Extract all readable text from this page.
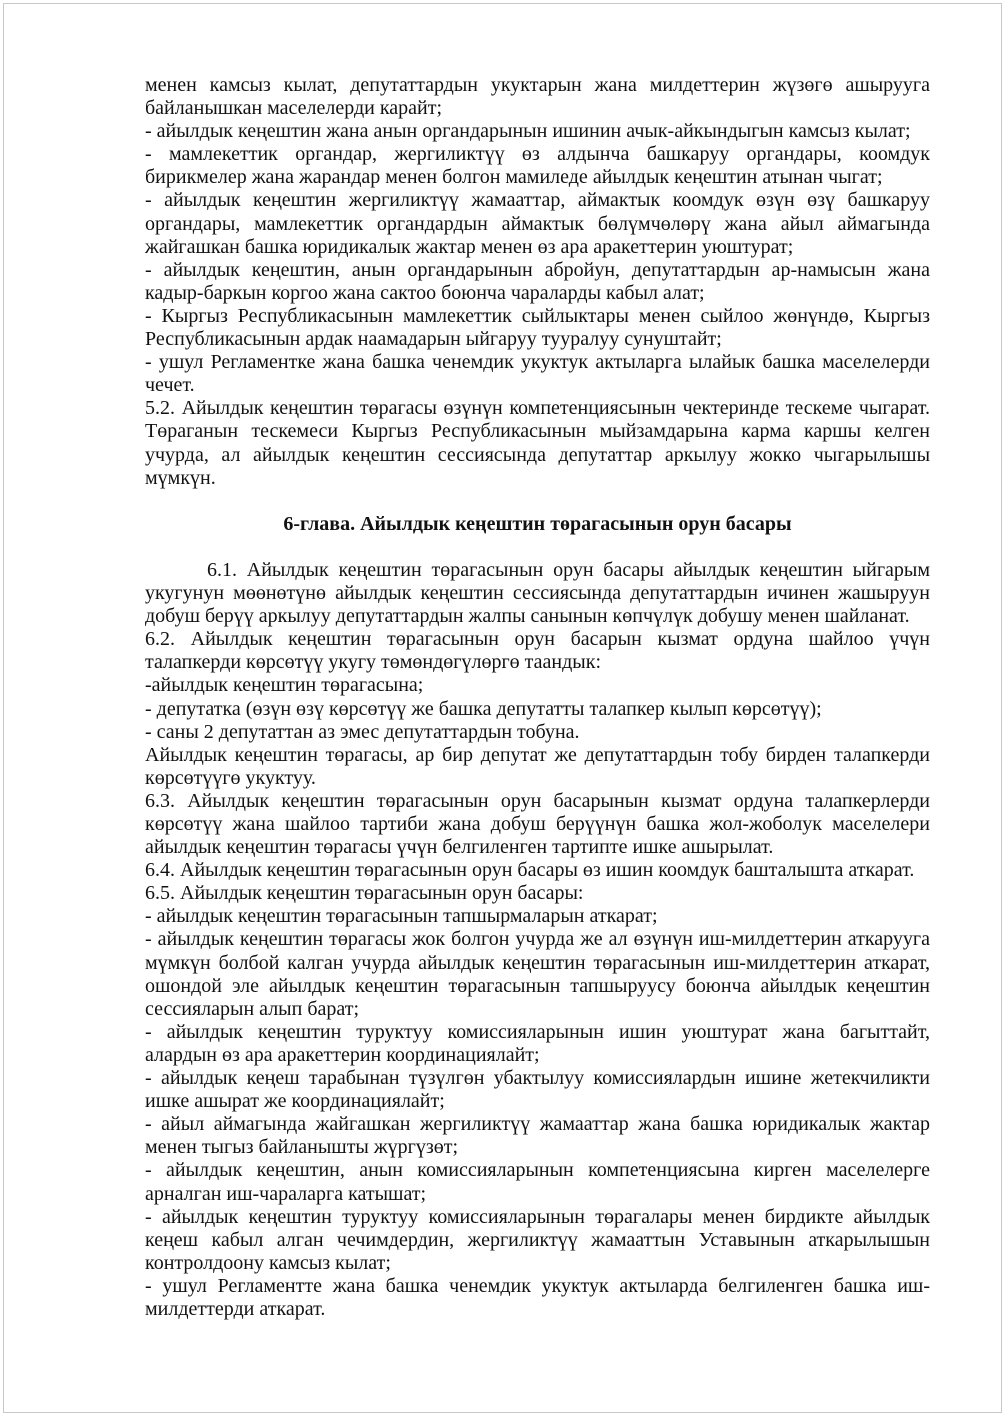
менен камсыз кылат, депутаттардын укуктарын жана милдеттерин жүзөгө ашырууга
байланышкан маселелерди карайт;
- айылдык кеңештин жана анын органдарынын ишинин ачык-айкындыгын камсыз кылат;
- мамлекеттик органдар, жергиликтүү өз алдынча башкаруу органдары, коомдук
бирикмелер жана жарандар менен болгон мамиледе айылдык кеңештин атынан чыгат;
- айылдык кеңештин жергиликтүү жамааттар, аймактык коомдук өзүн өзү башкаруу
органдары, мамлекеттик органдардын аймактык бөлүмчөлөрү жана айыл аймагында
жайгашкан башка юридикалык жактар менен өз ара аракеттерин уюштурат;
- айылдык кеңештин, анын органдарынын абройун, депутаттардын ар-намысын жана
кадыр-баркын коргоо жана сактоо боюнча чараларды кабыл алат;
- Кыргыз Республикасынын мамлекеттик сыйлыктары менен сыйлоо жөнүндө, Кыргыз
Республикасынын ардак наамадарын ыйгаруу тууралуу сунуштайт;
- ушул Регламентке жана башка ченемдик укуктук актыларга ылайык башка маселелерди
чечет.
5.2. Айылдык кеңештин төрагасы өзүнүн компетенциясынын чектеринде тескеме чыгарат.
Төраганын тескемеси Кыргыз Республикасынын мыйзамдарына карма каршы келген
учурда, ал айылдык кеңештин сессиясында депутаттар аркылуу жокко чыгарылышы
мүмкүн.
6-глава. Айылдык кеңештин төрагасынын орун басары
6.1. Айылдык кеңештин төрагасынын орун басары айылдык кеңештин ыйгарым
укугунун мөөнөтүнө айылдык кеңештин сессиясында депутаттардын ичинен жашыруун
добуш берүү аркылуу депутаттардын жалпы санынын көпчүлүк добушу менен шайланат.
6.2. Айылдык кеңештин төрагасынын орун басарын кызмат ордуна шайлоо үчүн
талапкерди көрсөтүү укугу төмөндөгүлөргө таандык:
-айылдык кеңештин төрагасына;
- депутатка (өзүн өзү көрсөтүү же башка депутатты талапкер кылып көрсөтүү);
- саны 2 депутаттан аз эмес депутаттардын тобуна.
Айылдык кеңештин төрагасы, ар бир депутат же депутаттардын тобу бирден талапкерди
көрсөтүүгө укуктуу.
6.3. Айылдык кеңештин төрагасынын орун басарынын кызмат ордуна талапкерлерди
көрсөтүү жана шайлоо тартиби жана добуш берүүнүн башка жол-жоболук маселелери
айылдык кеңештин төрагасы үчүн белгиленген тартипте ишке ашырылат.
6.4. Айылдык кеңештин төрагасынын орун басары өз ишин коомдук башталышта аткарат.
6.5. Айылдык кеңештин төрагасынын орун басары:
- айылдык кеңештин төрагасынын тапшырмаларын аткарат;
- айылдык кеңештин төрагасы жок болгон учурда же ал өзүнүн иш-милдеттерин аткарууга
мүмкүн болбой калган учурда айылдык кеңештин төрагасынын иш-милдеттерин аткарат,
ошондой эле айылдык кеңештин төрагасынын тапшыруусу боюнча айылдык кеңештин
сессияларын алып барат;
- айылдык кеңештин туруктуу комиссияларынын ишин уюштурат жана багыттайт,
алардын өз ара аракеттерин координациялайт;
- айылдык кеңеш тарабынан түзүлгөн убактылуу комиссиялардын ишине жетекчиликти
ишке ашырат же координациялайт;
- айыл аймагында жайгашкан жергиликтүү жамааттар жана башка юридикалык жактар
менен тыгыз байланышты жүргүзөт;
- айылдык кеңештин, анын комиссияларынын компетенциясына кирген маселелерге
арналган иш-чараларга катышат;
- айылдык кеңештин туруктуу комиссияларынын төрагалары менен бирдикте айылдык
кеңеш кабыл алган чечимдердин, жергиликтүү жамааттын Уставынын аткарылышын
контролдоону камсыз кылат;
- ушул Регламентте жана башка ченемдик укуктук актыларда белгиленген башка иш-
милдеттерди аткарат.
